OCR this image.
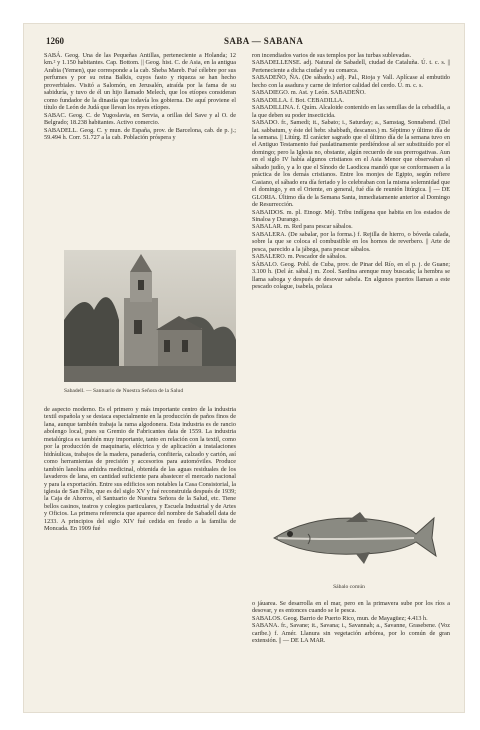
1260	SABA — SABANA

SABÁ. Geog. Una de las Pequeñas Antillas, perteneciente a Holanda; 12 km.² y 1.150 habitantes. Cap. Bottom. || Geog. hist. C. de Asia, en la antigua Arabia (Yemen), que corresponde a la cab. Sheba Mareb. Fué célebre por sus perfumes y por su reina Balkis, cuyos fasto y riqueza se han hecho proverbiales. Visitó a Salomón, en Jerusalén, atraída por la fama de su sabiduría, y tuvo de él un hijo llamado Melech, que los etíopes consideran como fundador de la dinastía que todavía los gobierna. De aquí proviene el título de León de Judá que llevan los reyes etíopes.

SABAC. Geog. C. de Yugoslavia, en Servia, a orillas del Save y al O. de Belgrado; 18.238 habitantes. Activo comercio.

SABADELL. Geog. C. y mun. de España, prov. de Barcelona, cab. de p. j.; 59.494 h. Corr. 51.727 a la cab. Población próspera y

Sabadell. — Santuario de Nuestra Señora de la Salud

de aspecto moderno. Es el primero y más importante centro de la industria textil española y se destaca especialmente en la producción de paños finos de lana, aunque también trabaja la rama algodonera. Esta industria es de rancio abolengo local, pues su Gremio de Fabricantes data de 1559. La industria metalúrgica es también muy importante, tanto en relación con la textil, como por la producción de maquinaria, eléctrica y de aplicación a instalaciones hidráulicas, trabajos de la madera, panadería, confitería, calzado y cartón, así como herramientas de precisión y accesorios para automóviles. Produce también lanolina anhidra medicinal, obtenida de las aguas residuales de los lavaderos de lana, en cantidad suficiente para abastecer el mercado nacional y para la exportación. Entre sus edificios son notables la Casa Consistorial, la iglesia de San Félix, que es del siglo XV y fué reconstruida después de 1939; la Caja de Ahorros, el Santuario de Nuestra Señora de la Salud, etc. Tiene bellos casinos, teatros y colegios particulares, y Escuela Industrial y de Artes y Oficios. La primera referencia que aparece del nombre de Sabadell data de 1233. A principios del siglo XIV fué cedida en feudo a la familia de Moncada. En 1909 fué

ron incendiados varios de sus templos por las turbas sublevadas.

SABADELLENSE. adj. Natural de Sabadell, ciudad de Cataluña. Ú. t. c. s. || Perteneciente a dicha ciudad y su comarca.

SABADEÑO, ÑA. (De sábado.) adj. Pal., Rioja y Vall. Aplícase al embutido hecho con la asadura y carne de inferior calidad del cerdo. Ú. m. c. s.

SABADIEGO. m. Ast. y León. SABADEÑO.

SABADILLA. f. Bot. CEBADILLA.

SABADILLINA. f. Quím. Alcaloide contenido en las semillas de la cebadilla, a la que deben su poder insecticida.

SABADO. fr., Samedi; it., Sabato; i., Saturday; a., Samstag, Sonnabend. (Del lat. sabbatum, y éste del hebr. shabbath, descanso.) m. Séptimo y último día de la semana. || Litúrg. El carácter sagrado que el último día de la semana tuvo en el Antiguo Testamento fué paulatinamente perdiéndose al ser substituído por el domingo; pero la Iglesia no, obstante, algún recuerdo de sus prerrogativas. Aun en el siglo IV había algunos cristianos en el Asia Menor que observaban el sábado judío, y a lo que el Sínodo de Laodicea mandó que se conformasen a la práctica de los demás cristianos. Entre los monjes de Egipto, según refiere Casiano, el sábado era día feriado y lo celebraban con la misma solemnidad que el domingo, y en el Oriente, en general, fué día de reunión litúrgica. || — DE GLORIA. Último día de la Semana Santa, inmediatamente anterior al Domingo de Resurrección.

SABAIDOS. m. pl. Etnogr. Méj. Tribu indígena que habita en los estados de Sinaloa y Durango.

SABALAR. m. Red para pescar sábalos.

SABALERA. (De sabalar, por la forma.) f. Rejilla de hierro, o bóveda calada, sobre la que se coloca el combustible en los hornos de reverbero. || Arte de pesca, parecido a la jábega, para pescar sábalos.

SABALERO. m. Pescador de sábalos.

SÁBALO. Geog. Pobl. de Cuba, prov. de Pinar del Río, en el p. j. de Guane; 3.100 h. (Del ár. sábal.) m. Zool. Sardina arenque muy buscada; la hembra se llama saboga y después de desovar sabela. En algunos puertos llaman a este pescado colague, isabela, polaca

Sábalo común

o jáuarea. Se desarrolla en el mar, pero en la primavera sube por los ríos a desovar, y es entonces cuando se le pesca.

SABALOS. Geog. Barrio de Puerto Rico, mun. de Mayagüez; 4.413 h.

SABANA. fr., Savane; it., Savana; i., Savannah; a., Savanne, Grasebene. (Voz caribe.) f. Amér. Llanura sin vegetación arbórea, por lo común de gran extensión. || — DE LA MAR.
